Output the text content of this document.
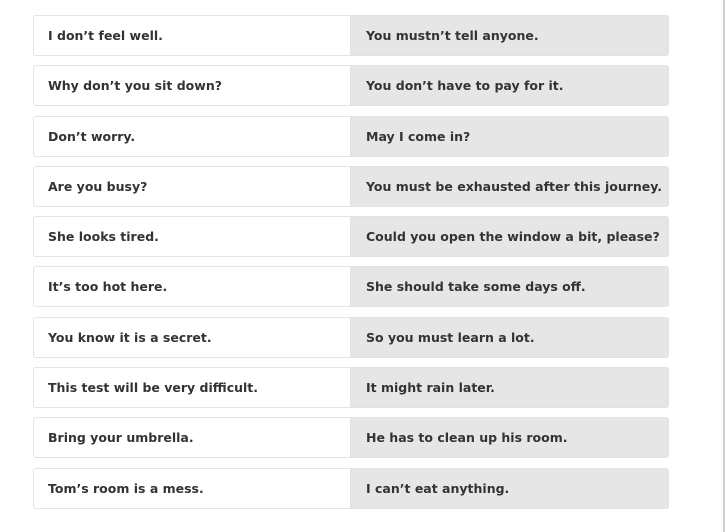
I don’t feel well.	You mustn’t tell anyone.
Why don’t you sit down?	You don’t have to pay for it.
Don’t worry.	May I come in?
Are you busy?	You must be exhausted after this journey.
She looks tired.	Could you open the window a bit, please?
It’s too hot here.	She should take some days off.
You know it is a secret.	So you must learn a lot.
This test will be very difficult.	It might rain later.
Bring your umbrella.	He has to clean up his room.
Tom’s room is a mess.	I can’t eat anything.
